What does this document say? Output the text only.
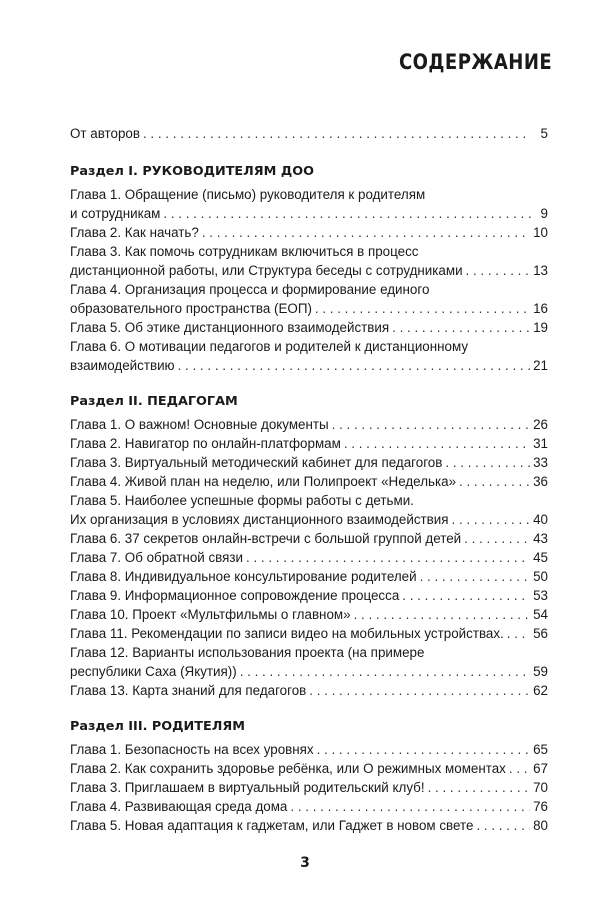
СОДЕРЖАНИЕ
От авторов . . .	5
Раздел I. РУКОВОДИТЕЛЯМ ДОО
Глава 1. Обращение (письмо) руководителя к родителям
и сотрудникам . . .	9
Глава 2. Как начать? . . .	10
Глава 3. Как помочь сотрудникам включиться в процесс
дистанционной работы, или Структура беседы с сотрудниками . . .	13
Глава 4. Организация процесса и формирование единого
образовательного пространства (ЕОП) . . .	16
Глава 5. Об этике дистанционного взаимодействия . . .	19
Глава 6. О мотивации педагогов и родителей к дистанционному
взаимодействию . . .	21
Раздел II. ПЕДАГОГАМ
Глава 1. О важном! Основные документы . . .	26
Глава 2. Навигатор по онлайн-платформам . . .	31
Глава 3. Виртуальный методический кабинет для педагогов . . .	33
Глава 4. Живой план на неделю, или Полипроект «Неделька» . . .	36
Глава 5. Наиболее успешные формы работы с детьми.
Их организация в условиях дистанционного взаимодействия . . .	40
Глава 6. 37 секретов онлайн-встречи с большой группой детей . . .	43
Глава 7. Об обратной связи . . .	45
Глава 8. Индивидуальное консультирование родителей . . .	50
Глава 9. Информационное сопровождение процесса . . .	53
Глава 10. Проект «Мультфильмы о главном» . . .	54
Глава 11. Рекомендации по записи видео на мобильных устройствах. . . . 56
Глава 12. Варианты использования проекта (на примере
республики Саха (Якутия)) . . .	59
Глава 13. Карта знаний для педагогов . . .	62
Раздел III. РОДИТЕЛЯМ
Глава 1. Безопасность на всех уровнях . . .	65
Глава 2. Как сохранить здоровье ребёнка, или О режимных моментах . . . 67
Глава 3. Приглашаем в виртуальный родительский клуб! . . .	70
Глава 4. Развивающая среда дома . . .	76
Глава 5. Новая адаптация к гаджетам, или Гаджет в новом свете . . .	80
3
